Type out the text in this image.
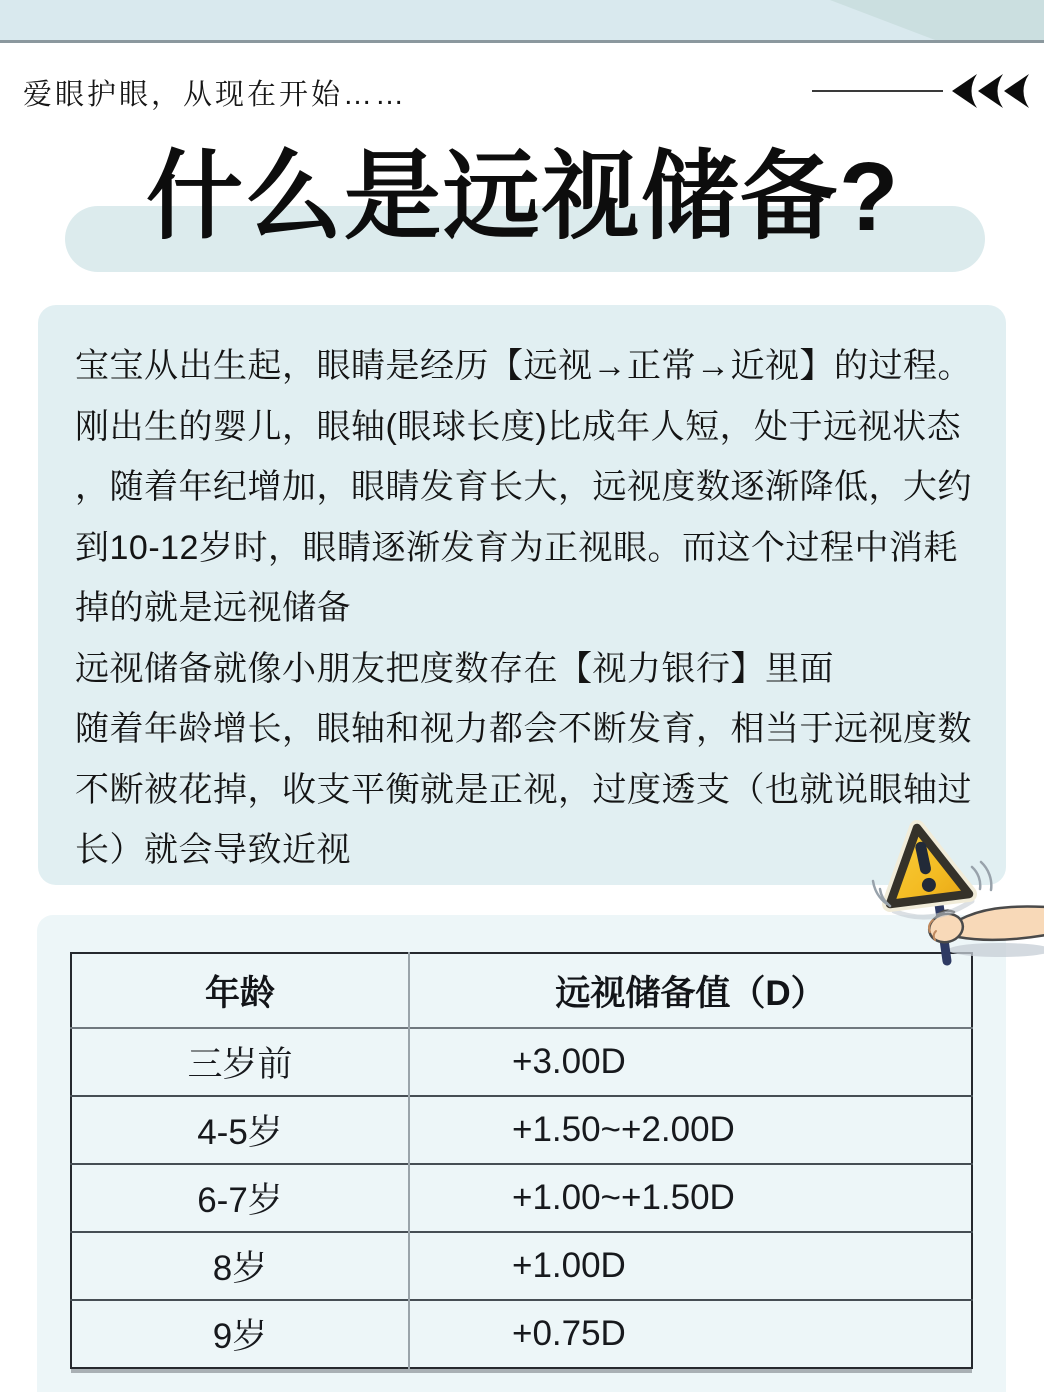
爱眼护眼，从现在开始……
什么是远视储备?
宝宝从出生起，眼睛是经历【远视→正常→近视】的过程。
刚出生的婴儿，眼轴(眼球长度)比成年人短，处于远视状态
，随着年纪增加，眼睛发育长大，远视度数逐渐降低，大约
到10-12岁时，眼睛逐渐发育为正视眼。而这个过程中消耗
掉的就是远视储备
远视储备就像小朋友把度数存在【视力银行】里面
随着年龄增长，眼轴和视力都会不断发育，相当于远视度数
不断被花掉，收支平衡就是正视，过度透支（也就说眼轴过
长）就会导致近视
年龄	远视储备值（D）
三岁前	+3.00D
4-5岁	+1.50~+2.00D
6-7岁	+1.00~+1.50D
8岁	+1.00D
9岁	+0.75D
